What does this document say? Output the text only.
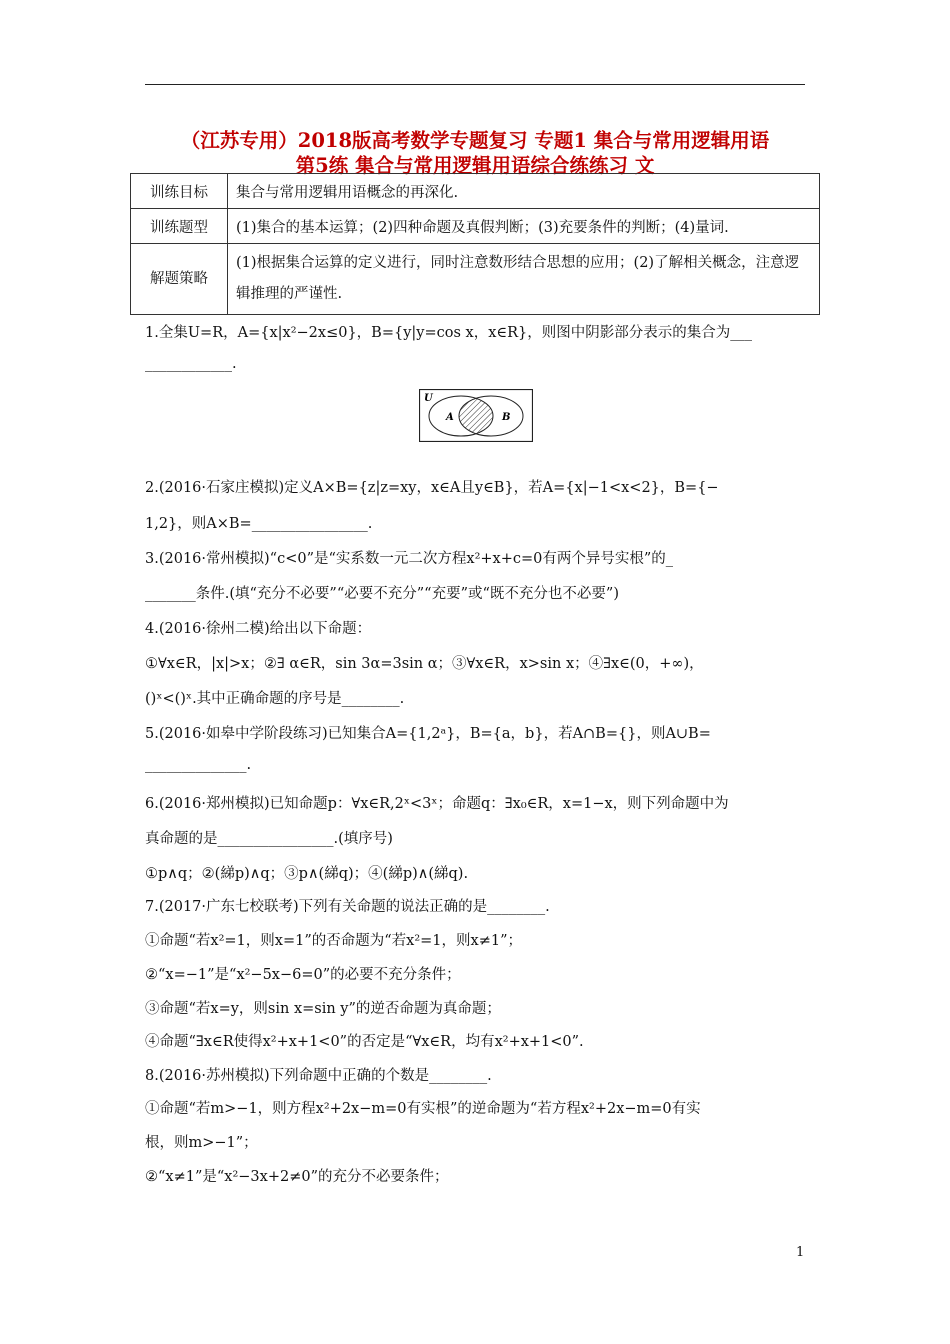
（江苏专用）2018版高考数学专题复习 专题1 集合与常用逻辑用语
第5练 集合与常用逻辑用语综合练练习 文
训练目标	集合与常用逻辑用语概念的再深化.
训练题型	(1)集合的基本运算；(2)四种命题及真假判断；(3)充要条件的判断；(4)量词.
解题策略	(1)根据集合运算的定义进行，同时注意数形结合思想的应用；(2)了解相关概念，注意逻辑推理的严谨性.
1.全集U=R，A={x|x²−2x≤0}，B={y|y=cos x，x∈R}，则图中阴影部分表示的集合为___
____________.
U
A	B
2.(2016·石家庄模拟)定义A×B={z|z=xy，x∈A且y∈B}，若A={x|−1<x<2}，B={−
1,2}，则A×B=________________.
3.(2016·常州模拟)“c<0”是“实系数一元二次方程x²+x+c=0有两个异号实根”的_
_______条件.(填“充分不必要”“必要不充分”“充要”或“既不充分也不必要”)
4.(2016·徐州二模)给出以下命题：
①∀x∈R，|x|>x；②∃ α∈R，sin 3α=3sin α；③∀x∈R，x>sin x；④∃x∈(0，+∞)，
()ˣ<()ˣ.其中正确命题的序号是________.
5.(2016·如皋中学阶段练习)已知集合A={1,2ᵃ}，B={a，b}，若A∩B={}，则A∪B=
______________.
6.(2016·郑州模拟)已知命题p：∀x∈R,2ˣ<3ˣ；命题q：∃x₀∈R，x=1−x，则下列命题中为
真命题的是________________.(填序号)
①p∧q；②(綈p)∧q；③p∧(綈q)；④(綈p)∧(綈q).
7.(2017·广东七校联考)下列有关命题的说法正确的是________.
①命题“若x²=1，则x=1”的否命题为“若x²=1，则x≠1”；
②“x=−1”是“x²−5x−6=0”的必要不充分条件；
③命题“若x=y，则sin x=sin y”的逆否命题为真命题；
④命题“∃x∈R使得x²+x+1<0”的否定是“∀x∈R，均有x²+x+1<0”.
8.(2016·苏州模拟)下列命题中正确的个数是________.
①命题“若m>−1，则方程x²+2x−m=0有实根”的逆命题为“若方程x²+2x−m=0有实
根，则m>−1”；
②“x≠1”是“x²−3x+2≠0”的充分不必要条件；
1
